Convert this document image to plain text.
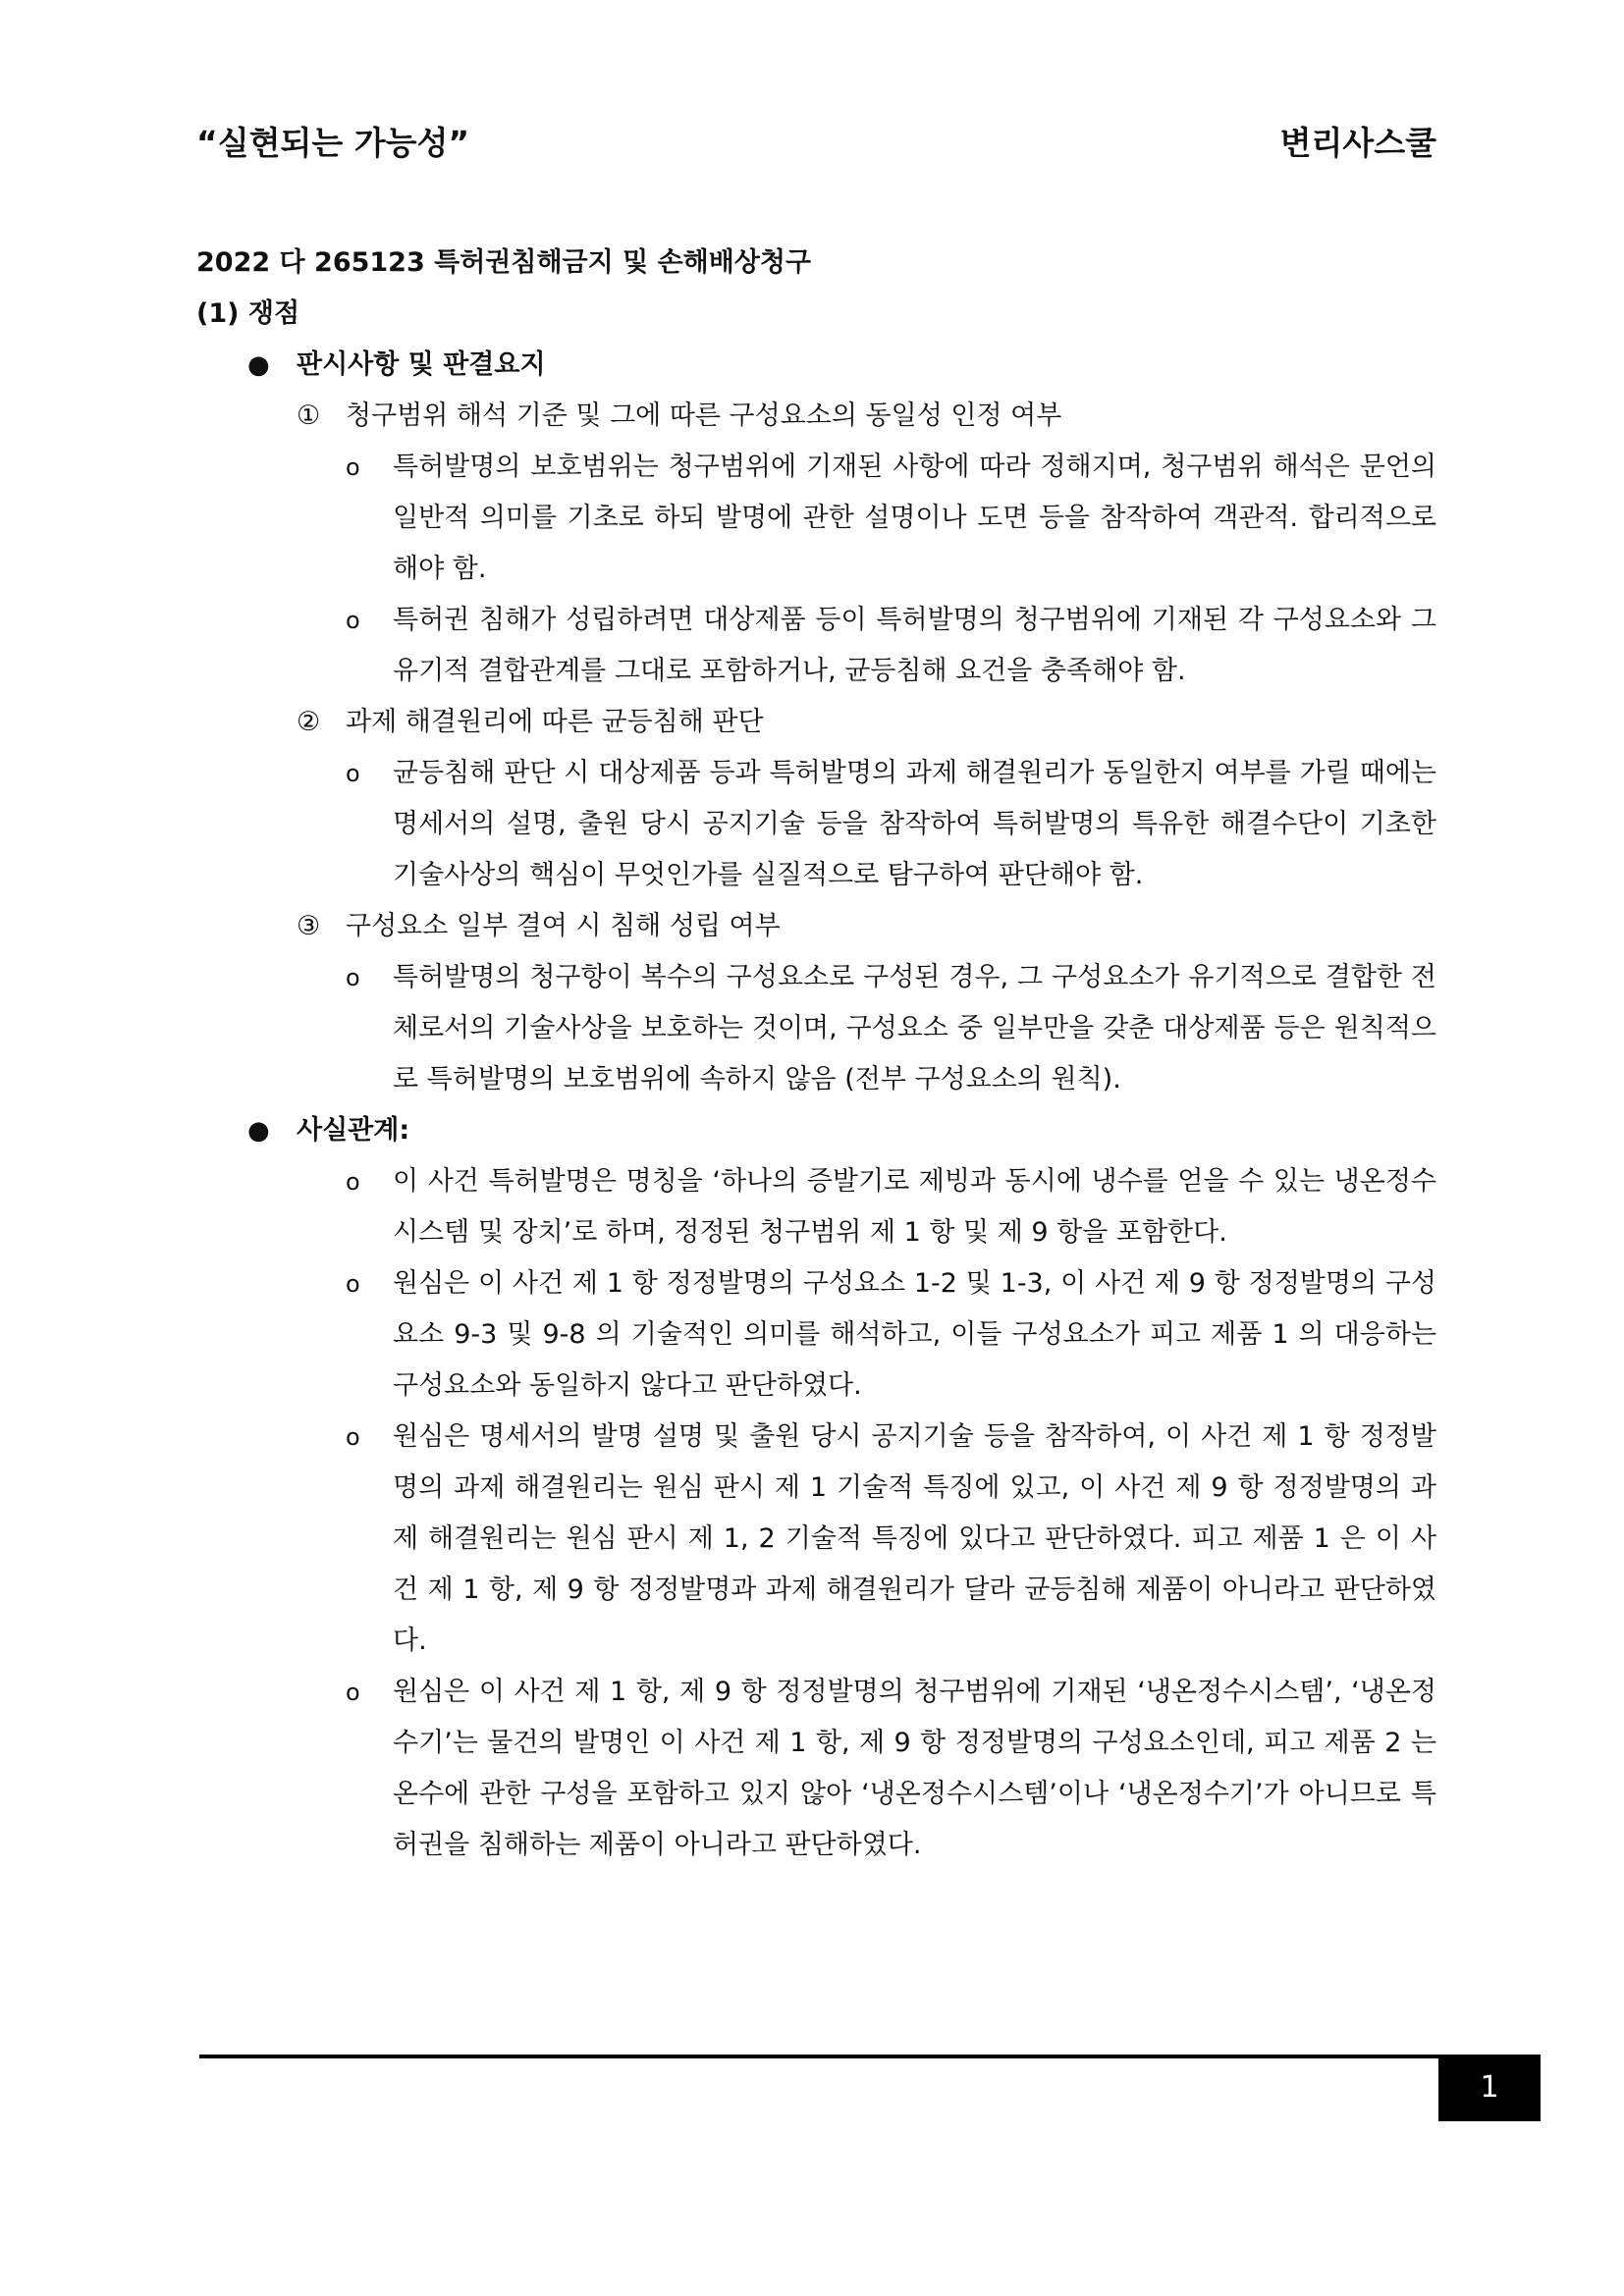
“실현되는 가능성”	변리사스쿨
2022 다 265123 특허권침해금지 및 손해배상청구
(1) 쟁점
● 판시사항 및 판결요지
① 청구범위 해석 기준 및 그에 따른 구성요소의 동일성 인정 여부
o 특허발명의 보호범위는 청구범위에 기재된 사항에 따라 정해지며, 청구범위 해석은 문언의 일반적 의미를 기초로 하되 발명에 관한 설명이나 도면 등을 참작하여 객관적. 합리적으로 해야 함.
o 특허권 침해가 성립하려면 대상제품 등이 특허발명의 청구범위에 기재된 각 구성요소와 그 유기적 결합관계를 그대로 포함하거나, 균등침해 요건을 충족해야 함.
② 과제 해결원리에 따른 균등침해 판단
o 균등침해 판단 시 대상제품 등과 특허발명의 과제 해결원리가 동일한지 여부를 가릴 때에는 명세서의 설명, 출원 당시 공지기술 등을 참작하여 특허발명의 특유한 해결수단이 기초한 기술사상의 핵심이 무엇인가를 실질적으로 탐구하여 판단해야 함.
③ 구성요소 일부 결여 시 침해 성립 여부
o 특허발명의 청구항이 복수의 구성요소로 구성된 경우, 그 구성요소가 유기적으로 결합한 전체로서의 기술사상을 보호하는 것이며, 구성요소 중 일부만을 갖춘 대상제품 등은 원칙적으로 특허발명의 보호범위에 속하지 않음 (전부 구성요소의 원칙).
● 사실관계:
o 이 사건 특허발명은 명칭을 ‘하나의 증발기로 제빙과 동시에 냉수를 얻을 수 있는 냉온정수시스템 및 장치’로 하며, 정정된 청구범위 제 1 항 및 제 9 항을 포함한다.
o 원심은 이 사건 제 1 항 정정발명의 구성요소 1-2 및 1-3, 이 사건 제 9 항 정정발명의 구성요소 9-3 및 9-8 의 기술적인 의미를 해석하고, 이들 구성요소가 피고 제품 1 의 대응하는 구성요소와 동일하지 않다고 판단하였다.
o 원심은 명세서의 발명 설명 및 출원 당시 공지기술 등을 참작하여, 이 사건 제 1 항 정정발명의 과제 해결원리는 원심 판시 제 1 기술적 특징에 있고, 이 사건 제 9 항 정정발명의 과제 해결원리는 원심 판시 제 1, 2 기술적 특징에 있다고 판단하였다. 피고 제품 1 은 이 사건 제 1 항, 제 9 항 정정발명과 과제 해결원리가 달라 균등침해 제품이 아니라고 판단하였다.
o 원심은 이 사건 제 1 항, 제 9 항 정정발명의 청구범위에 기재된 ‘냉온정수시스템’, ‘냉온정수기’는 물건의 발명인 이 사건 제 1 항, 제 9 항 정정발명의 구성요소인데, 피고 제품 2 는 온수에 관한 구성을 포함하고 있지 않아 ‘냉온정수시스템’이나 ‘냉온정수기’가 아니므로 특허권을 침해하는 제품이 아니라고 판단하였다.
1
